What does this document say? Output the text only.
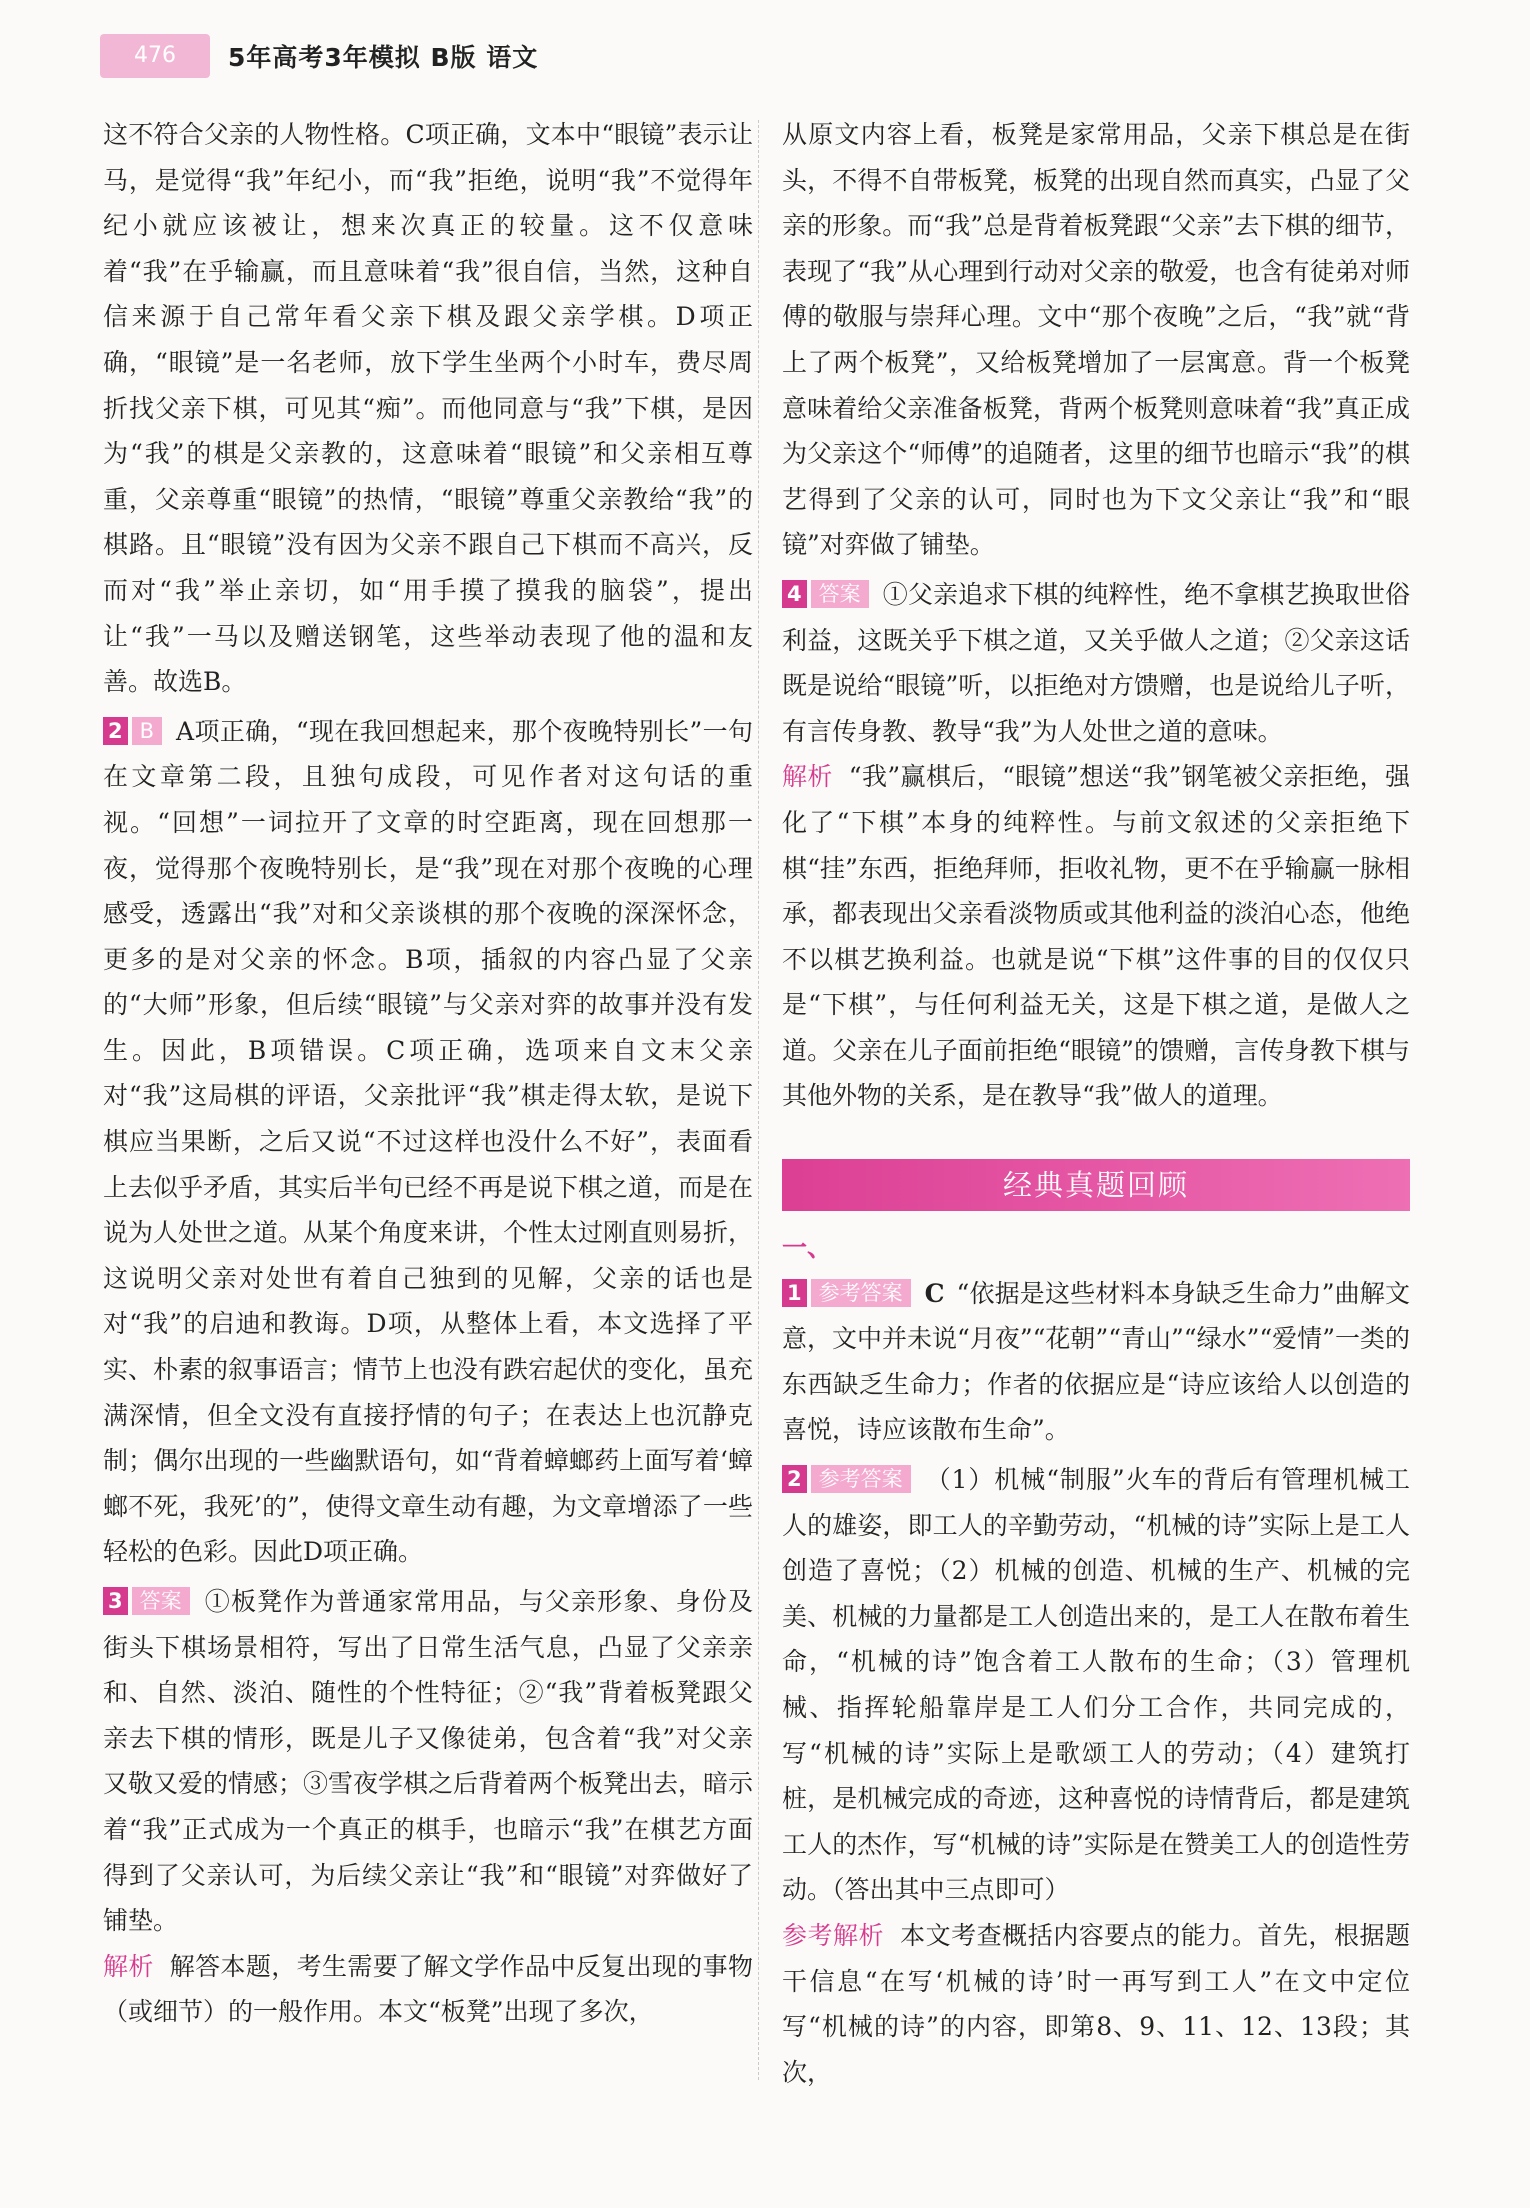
476	5年高考3年模拟 B版 语文

这不符合父亲的人物性格。C项正确，文本中“眼镜”表示让马，是觉得“我”年纪小，而“我”拒绝，说明“我”不觉得年纪小就应该被让，想来次真正的较量。这不仅意味着“我”在乎输赢，而且意味着“我”很自信，当然，这种自信来源于自己常年看父亲下棋及跟父亲学棋。D项正确，“眼镜”是一名老师，放下学生坐两个小时车，费尽周折找父亲下棋，可见其“痴”。而他同意与“我”下棋，是因为“我”的棋是父亲教的，这意味着“眼镜”和父亲相互尊重，父亲尊重“眼镜”的热情，“眼镜”尊重父亲教给“我”的棋路。且“眼镜”没有因为父亲不跟自己下棋而不高兴，反而对“我”举止亲切，如“用手摸了摸我的脑袋”，提出让“我”一马以及赠送钢笔，这些举动表现了他的温和友善。故选B。

2 B A项正确，“现在我回想起来，那个夜晚特别长”一句在文章第二段，且独句成段，可见作者对这句话的重视。“回想”一词拉开了文章的时空距离，现在回想那一夜，觉得那个夜晚特别长，是“我”现在对那个夜晚的心理感受，透露出“我”对和父亲谈棋的那个夜晚的深深怀念，更多的是对父亲的怀念。B项，插叙的内容凸显了父亲的“大师”形象，但后续“眼镜”与父亲对弈的故事并没有发生。因此，B项错误。C项正确，选项来自文末父亲对“我”这局棋的评语，父亲批评“我”棋走得太软，是说下棋应当果断，之后又说“不过这样也没什么不好”，表面看上去似乎矛盾，其实后半句已经不再是说下棋之道，而是在说为人处世之道。从某个角度来讲，个性太过刚直则易折，这说明父亲对处世有着自己独到的见解，父亲的话也是对“我”的启迪和教诲。D项，从整体上看，本文选择了平实、朴素的叙事语言；情节上也没有跌宕起伏的变化，虽充满深情，但全文没有直接抒情的句子；在表达上也沉静克制；偶尔出现的一些幽默语句，如“背着蟑螂药上面写着‘蟑螂不死，我死’的”，使得文章生动有趣，为文章增添了一些轻松的色彩。因此D项正确。

3 答案 ①板凳作为普通家常用品，与父亲形象、身份及街头下棋场景相符，写出了日常生活气息，凸显了父亲亲和、自然、淡泊、随性的个性特征；②“我”背着板凳跟父亲去下棋的情形，既是儿子又像徒弟，包含着“我”对父亲又敬又爱的情感；③雪夜学棋之后背着两个板凳出去，暗示着“我”正式成为一个真正的棋手，也暗示“我”在棋艺方面得到了父亲认可，为后续父亲让“我”和“眼镜”对弈做好了铺垫。

解析 解答本题，考生需要了解文学作品中反复出现的事物（或细节）的一般作用。本文“板凳”出现了多次，

从原文内容上看，板凳是家常用品，父亲下棋总是在街头，不得不自带板凳，板凳的出现自然而真实，凸显了父亲的形象。而“我”总是背着板凳跟“父亲”去下棋的细节，表现了“我”从心理到行动对父亲的敬爱，也含有徒弟对师傅的敬服与崇拜心理。文中“那个夜晚”之后，“我”就“背上了两个板凳”，又给板凳增加了一层寓意。背一个板凳意味着给父亲准备板凳，背两个板凳则意味着“我”真正成为父亲这个“师傅”的追随者，这里的细节也暗示“我”的棋艺得到了父亲的认可，同时也为下文父亲让“我”和“眼镜”对弈做了铺垫。

4 答案 ①父亲追求下棋的纯粹性，绝不拿棋艺换取世俗利益，这既关乎下棋之道，又关乎做人之道；②父亲这话既是说给“眼镜”听，以拒绝对方馈赠，也是说给儿子听，有言传身教、教导“我”为人处世之道的意味。

解析 “我”赢棋后，“眼镜”想送“我”钢笔被父亲拒绝，强化了“下棋”本身的纯粹性。与前文叙述的父亲拒绝下棋“挂”东西，拒绝拜师，拒收礼物，更不在乎输赢一脉相承，都表现出父亲看淡物质或其他利益的淡泊心态，他绝不以棋艺换利益。也就是说“下棋”这件事的目的仅仅只是“下棋”，与任何利益无关，这是下棋之道，是做人之道。父亲在儿子面前拒绝“眼镜”的馈赠，言传身教下棋与其他外物的关系，是在教导“我”做人的道理。

经典真题回顾

一、

1 参考答案 C “依据是这些材料本身缺乏生命力”曲解文意，文中并未说“月夜”“花朝”“青山”“绿水”“爱情”一类的东西缺乏生命力；作者的依据应是“诗应该给人以创造的喜悦，诗应该散布生命”。

2 参考答案 （1）机械“制服”火车的背后有管理机械工人的雄姿，即工人的辛勤劳动，“机械的诗”实际上是工人创造了喜悦；（2）机械的创造、机械的生产、机械的完美、机械的力量都是工人创造出来的，是工人在散布着生命，“机械的诗”饱含着工人散布的生命；（3）管理机械、指挥轮船靠岸是工人们分工合作，共同完成的，写“机械的诗”实际上是歌颂工人的劳动；（4）建筑打桩，是机械完成的奇迹，这种喜悦的诗情背后，都是建筑工人的杰作，写“机械的诗”实际是在赞美工人的创造性劳动。（答出其中三点即可）

参考解析 本文考查概括内容要点的能力。首先，根据题干信息“在写‘机械的诗’时一再写到工人”在文中定位写“机械的诗”的内容，即第8、9、11、12、13段；其次，
